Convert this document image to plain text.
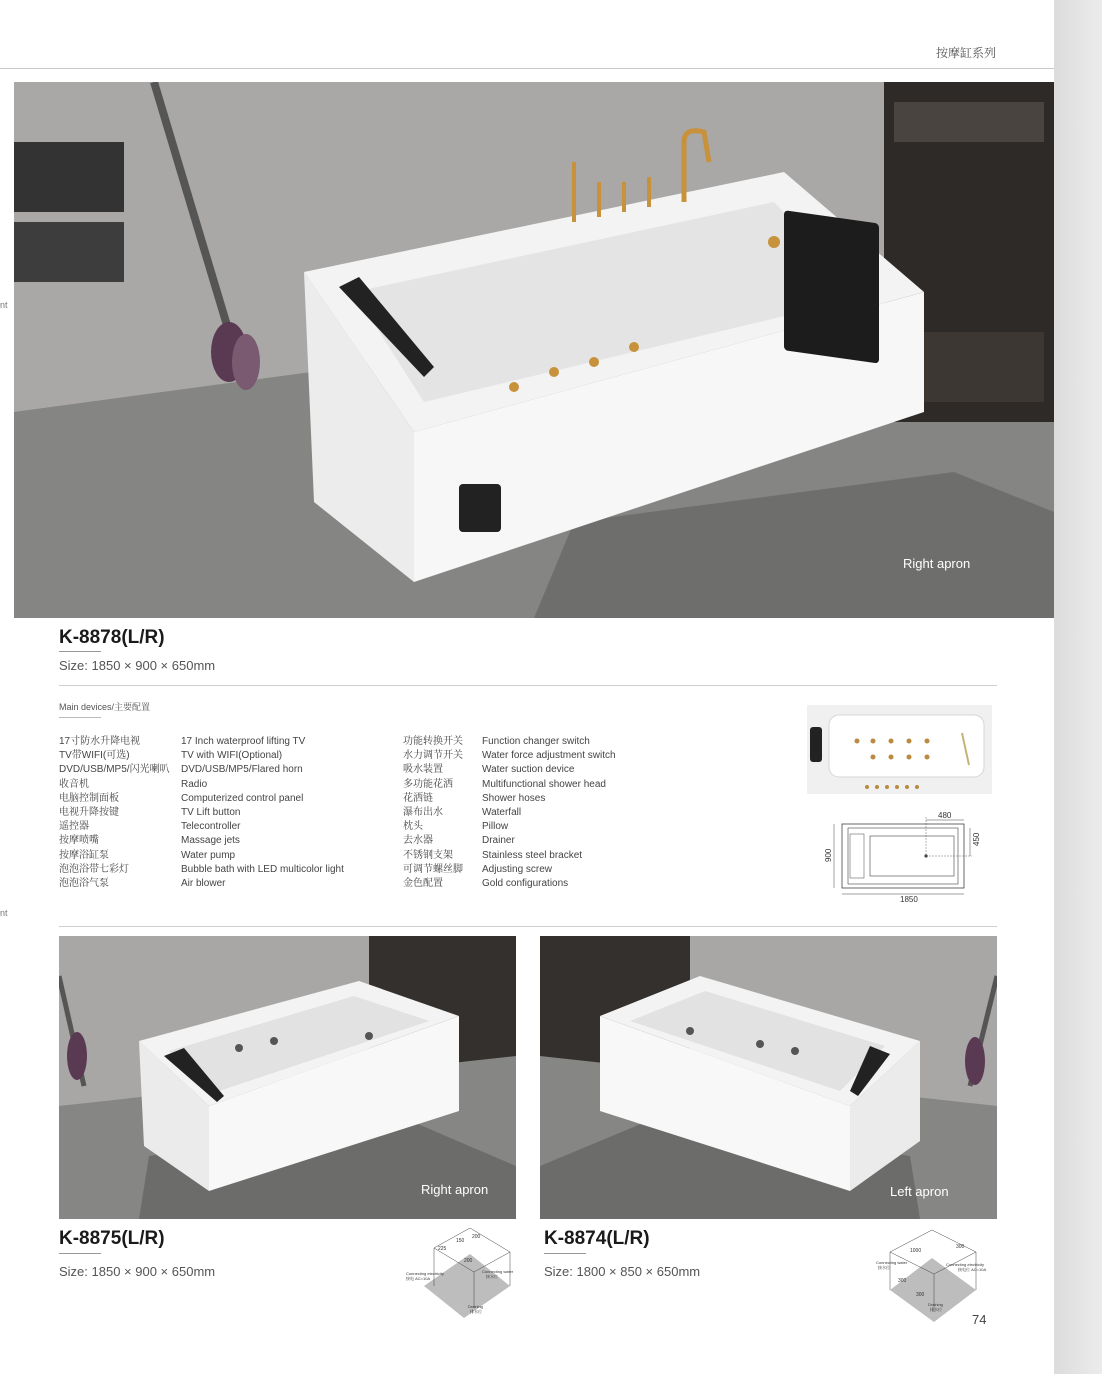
按摩缸系列
nt
nt
Right apron
K-8878(L/R)
Size: 1850 × 900 × 650mm
Main devices/主要配置
17寸防水升降电视
TV带WIFI(可选)
DVD/USB/MP5/闪光喇叭
收音机
电脑控制面板
电视升降按键
遥控器
按摩喷嘴
按摩浴缸泵
泡泡浴带七彩灯
泡泡浴气泵
17 Inch waterproof lifting TV
TV with WIFI(Optional)
DVD/USB/MP5/Flared horn
Radio
Computerized control panel
TV Lift button
Telecontroller
Massage jets
Water pump
Bubble bath with LED multicolor light
Air blower
功能转换开关
水力调节开关
吸水装置
多功能花洒
花洒链
瀑布出水
枕头
去水器
不锈钢支架
可调节螺丝脚
金色配置
Function changer switch
Water force adjustment switch
Water suction device
Multifunctional shower head
Shower hoses
Waterfall
Pillow
Drainer
Stainless steel bracket
Adjusting screw
Gold configurations
480
450
900
1850
Right apron
K-8875(L/R)
Size: 1850 × 900 × 650mm	Connecting electricity
接电 AC=10A
Connecting water
接水位
Draining
排水位
225
150
200
200
Left apron
K-8874(L/R)
Size: 1800 × 850 × 650mm
Connecting water
接水位
Connecting electricity
接电位 AC=10A
Draining
排水位
1000
300
300
300
74
